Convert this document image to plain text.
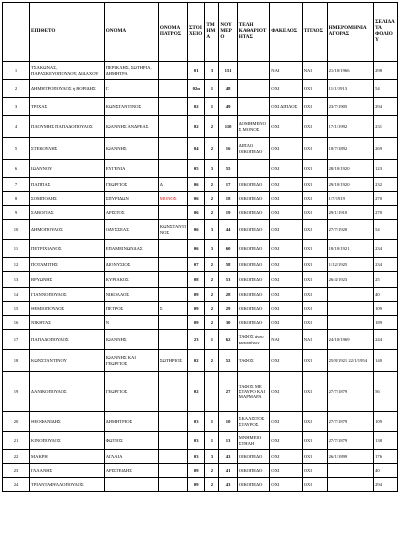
	ΕΠΙΘΕΤΟ	ΟΝΟΜΑ	ΟΝΟΜΑ ΠΑΤΡΟΣ	ΣΤΟΙΧΕΙΟ	ΤΜΗΜΑ	ΝΟΥΜΕΡΟ	ΤΕΛΗ ΚΑΘΑΡΙΟΤΗΤΑΣ	ΦΑΚΕΛΟΣ	ΤΙΤΛΟΣ	ΗΜΕΡΟΜΗΝΙΑ ΑΓΟΡΑΣ	ΣΕΛΙΔΑ ΤΑ ΦΟΛΙΟΥ
1	ΤΣΑΚΩΝΑΣ, ΠΑΡΑΣΚΕΥΟΠΟΥΛΟΥ, ΔΙΔΑΧΟΥ	ΠΕΡΙΚΛΗΣ, ΣΩΤΗΡΙΑ, ΔΗΜΗΤΡΑ		01	3	151		ΝΑΙ	ΝΑΙ	21/10/1966	298
2	ΔΗΜΗΤΡΟΠΟΥΛΟΣ ή ΒΟΡΙΔΗΣ	Γ.		02α	1	48		ΟΧΙ	ΟΧΙ	11/1/1913	54
3	ΤΡΙΧΑΣ	ΚΩΝΣΤΑΝΤΙΝΟΣ		02	1	49		ΟΧΙ ΔΙΠΛΟΣ	ΟΧΙ	23/7/1905	294
4	ΠΛΟΥΜΗΣ ΠΑΠΑΔΟΠΟΥΛΟΣ	ΙΩΑΝΝΗΣ ΑΝΔΡΕΑΣ		02	2	110	ΔΟΜΗΜΕΝΟΣ ΜΟΝΟΣ	ΟΧΙ	ΟΧΙ	17/1/1992	231
5	ΣΤΕΚΟΥΛΗΣ	ΙΩΑΝΝΗΣ		04	2	16	ΔΙΠΛΟ ΟΙΚΟΠΕΔΟ	ΟΧΙ	ΟΧΙ	18/7/1892	269
6	ΙΩΑΝΝΟΥ	ΕΥΓΕΝΙΑ		05	3	55		ΟΧΙ	ΟΧΙ	28/10/1920	123
7	ΠΑΠΠΑΣ	ΓΕΩΡΓΙΟΣ	Δ	06	2	17	ΟΙΚΟΠΕΔΟ	ΟΧΙ	ΟΧΙ	29/10/1920	232
8	ΣΟΜΠΟΛΗΣ	ΣΠΥΡΙΔΩΝ	ΜΟΝΟΣ	06	2	18	ΟΙΚΟΠΕΔΟ	ΟΧΙ	ΟΧΙ	1/7/1919	270
9	ΣΑΒΟΓΙΑΣ	ΑΡΙΣΤΟΣ		06	2	19	ΟΙΚΟΠΕΔΟ	ΟΧΙ	ΟΧΙ	29/1/1910	270
10	ΔΗΜΟΠΟΥΛΟΣ	ΟΔΥΣΣΕΑΣ	ΚΩΝΣΤΑΝΤΙΝΟΣ	06	3	44	ΟΙΚΟΠΕΔΟ	ΟΧΙ	ΟΧΙ	27/7/1920	54
11	ΠΕΤΡΙΧΙΑΝΟΣ	ΕΠΑΜΕΙΝΩΝΔΑΣ		06	3	60	ΟΙΚΟΠΕΔΟ	ΟΧΙ	ΟΧΙ	18/10/1921	234
12	ΠΟΤΑΜΙΤΗΣ	ΔΙΟΝΥΣΙΟΣ		07	2	58	ΟΙΚΟΠΕΔΟ	ΟΧΙ	ΟΧΙ	1/12/1925	234
13	ΒΡΥΩΝΗΣ	ΚΥΡΙΑΚΟΣ		08	2	53	ΟΙΚΟΠΕΔΟ	ΟΧΙ	ΟΧΙ	26/4/1923	25
14	ΓΙΑΝΝΟΠΟΥΛΟΣ	ΝΙΚΟΛΑΟΣ		09	2	28	ΟΙΚΟΠΕΔΟ	ΟΧΙ	ΟΧΙ		40
15	ΘΕΜΙΟΠΟΥΛΟΣ	ΠΕΤΡΟΣ	Σ	09	2	29	ΟΙΚΟΠΕΔΟ	ΟΧΙ	ΟΧΙ		109
16	ΝΙΚΗΤΑΣ	Ν		09	2	30	ΟΙΚΟΠΕΔΟ	ΟΧΙ	ΟΧΙ		189
17	ΠΑΠΑΔΟΠΟΥΛΟΣ	ΙΩΑΝΝΗΣ		23	1	62	ΤΑΦΟΣ άνευ καταπόνων	ΝΑΙ	ΝΑΙ	24/10/1969	244
18	ΚΩΝΣΤΑΝΤΙΝΟΥ	ΙΩΑΝΝΗΣ ΚΑΙ ΓΕΩΡΓΙΟΣ	ΣΩΤΗΡΙΟΣ	02	2	52	ΤΑΦΟΣ	ΟΧΙ	ΟΧΙ	25/8/1921 22/1/1954	140
19	ΔΑΝΙΚΟΠΟΥΛΟΣ	ΓΕΩΡΓΙΟΣ		02		27	ΤΑΦΟΣ ΜΕ ΣΤΑΥΡΟ ΚΑΙ ΜΑΡΜΑΡΑ	ΟΧΙ	ΟΧΙ	27/7/1879	56
20	ΘΕΟΦΑΝΙΔΗΣ	ΔΗΜΗΤΡΙΟΣ		03	1	10	ΣΚΑΛΙΣΤΟΣ ΣΤΑΥΡΟΣ	ΟΧΙ	ΟΧΙ	27/7/1879	109
21	ΚΙΝΟΠΟΥΛΟΣ	ΦΩΤΙΟΣ		03	1	13	ΜΝΗΜΕΙΟ ΣΤΗΛΗ	ΟΧΙ	ΟΧΙ	27/7/1879	138
22	ΜΑΚΡΗ	ΑΓΛΑΙΑ		03	3	43	ΟΙΚΟΠΕΔΟ	ΟΧΙ	ΟΧΙ	26/1/1899	176
23	ΓΑΛΑΝΗΣ	ΑΡΙΣΤΕΙΔΗΣ		09	2	41	ΟΙΚΟΠΕΔΟ	ΟΧΙ	ΟΧΙ		40
24	ΤΡΙΑΝΤΑΦΥΛΛΟΠΟΥΛΟΣ			09	2	43	ΟΙΚΟΠΕΔΟ	ΟΧΙ	ΟΧΙ		294
